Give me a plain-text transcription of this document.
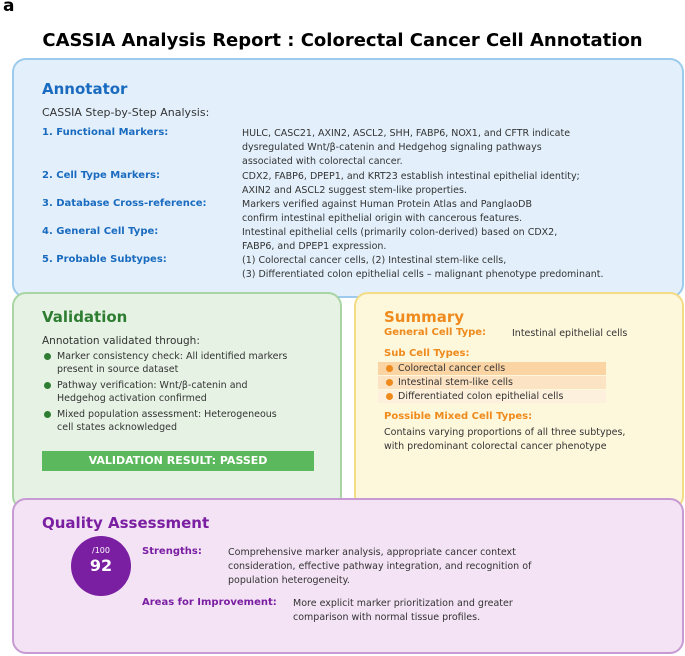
a
CASSIA Analysis Report : Colorectal Cancer Cell Annotation
Annotator
CASSIA Step-by-Step Analysis:
1. Functional Markers:	HULC, CASC21, AXIN2, ASCL2, SHH, FABP6, NOX1, and CFTR indicate
dysregulated Wnt/β-catenin and Hedgehog signaling pathways
associated with colorectal cancer.
2. Cell Type Markers:	CDX2, FABP6, DPEP1, and KRT23 establish intestinal epithelial identity;
AXIN2 and ASCL2 suggest stem-like properties.
3. Database Cross-reference:	Markers verified against Human Protein Atlas and PanglaoDB
confirm intestinal epithelial origin with cancerous features.
4. General Cell Type:	Intestinal epithelial cells (primarily colon-derived) based on CDX2,
FABP6, and DPEP1 expression.
5. Probable Subtypes:	(1) Colorectal cancer cells, (2) Intestinal stem-like cells,
(3) Differentiated colon epithelial cells – malignant phenotype predominant.
Validation
Annotation validated through:
Marker consistency check: All identified markers
present in source dataset
Pathway verification: Wnt/β-catenin and
Hedgehog activation confirmed
Mixed population assessment: Heterogeneous
cell states acknowledged
VALIDATION RESULT: PASSED
Summary
General Cell Type:	Intestinal epithelial cells
Sub Cell Types:
Colorectal cancer cells
Intestinal stem-like cells
Differentiated colon epithelial cells
Possible Mixed Cell Types:
Contains varying proportions of all three subtypes,
with predominant colorectal cancer phenotype
Quality Assessment
/100
92
Strengths:	Comprehensive marker analysis, appropriate cancer context
consideration, effective pathway integration, and recognition of
population heterogeneity.
Areas for Improvement: More explicit marker prioritization and greater
comparison with normal tissue profiles.
